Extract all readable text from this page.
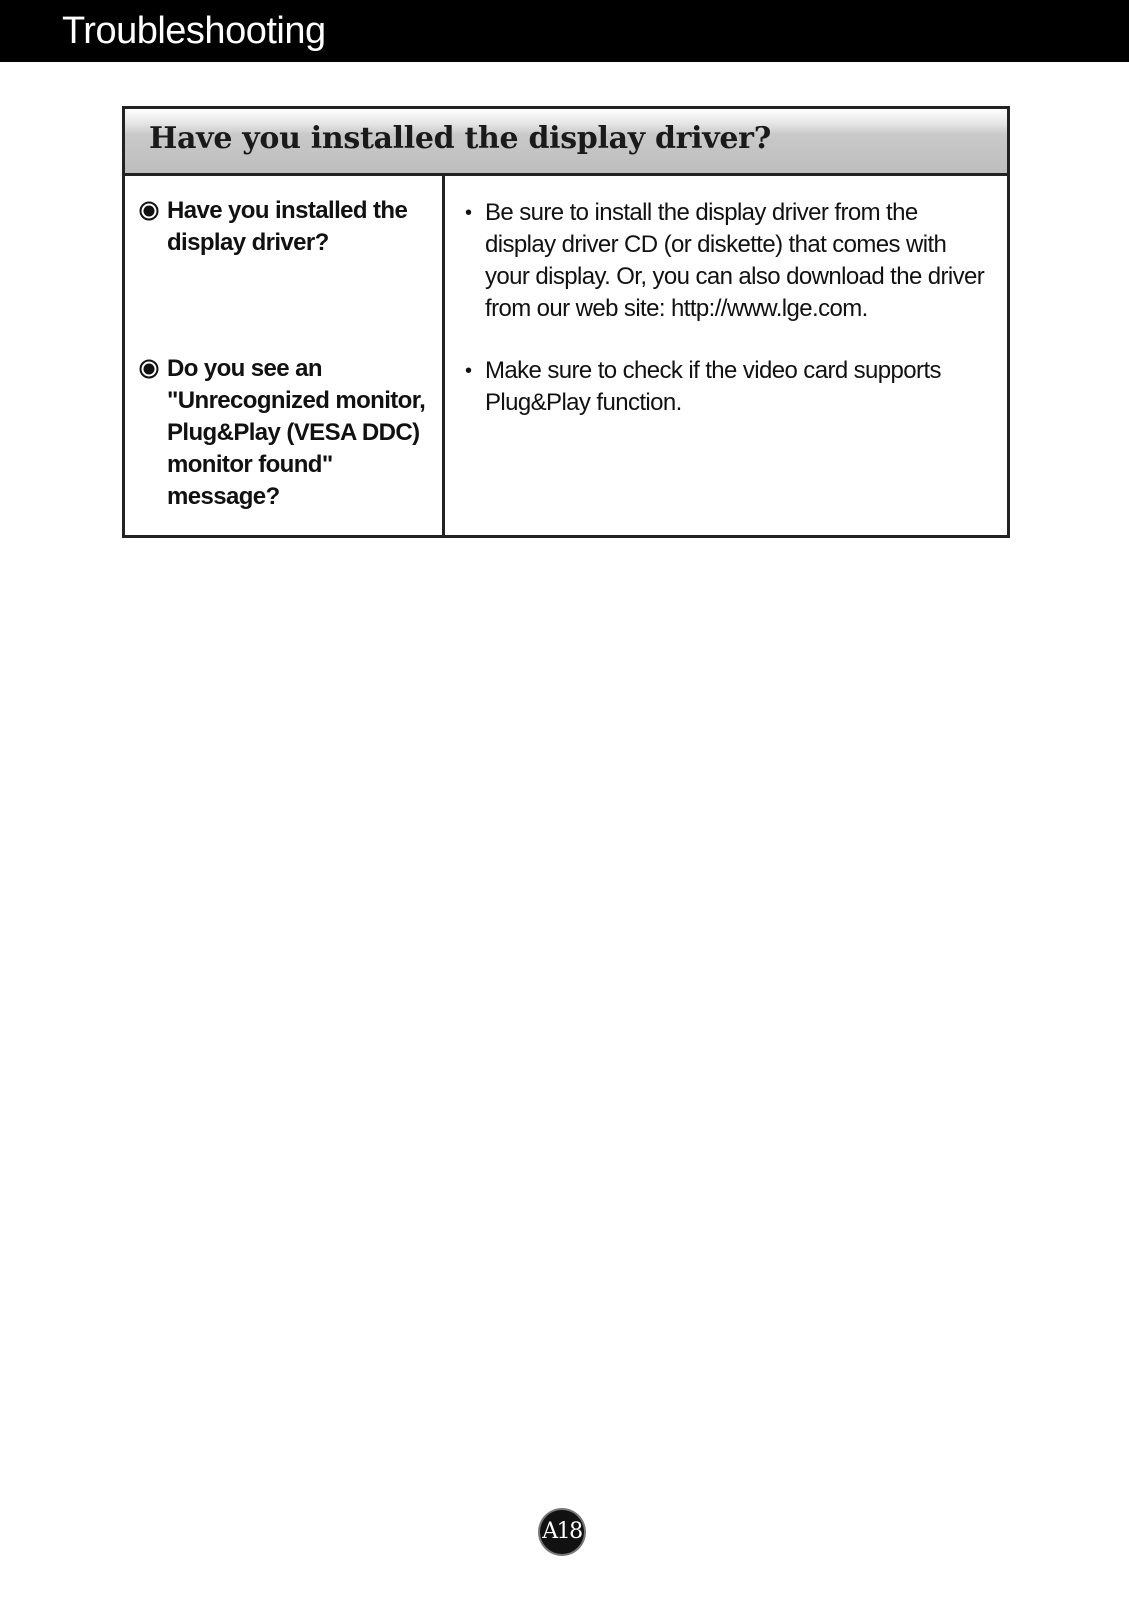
Troubleshooting
Have you installed the display driver?
Have you installed the display driver?
• Be sure to install the display driver from the display driver CD (or diskette) that comes with your display. Or, you can also download the driver from our web site: http://www.lge.com.
Do you see an "Unrecognized monitor, Plug&Play (VESA DDC) monitor found" message?
• Make sure to check if the video card supports Plug&Play function.
A18
